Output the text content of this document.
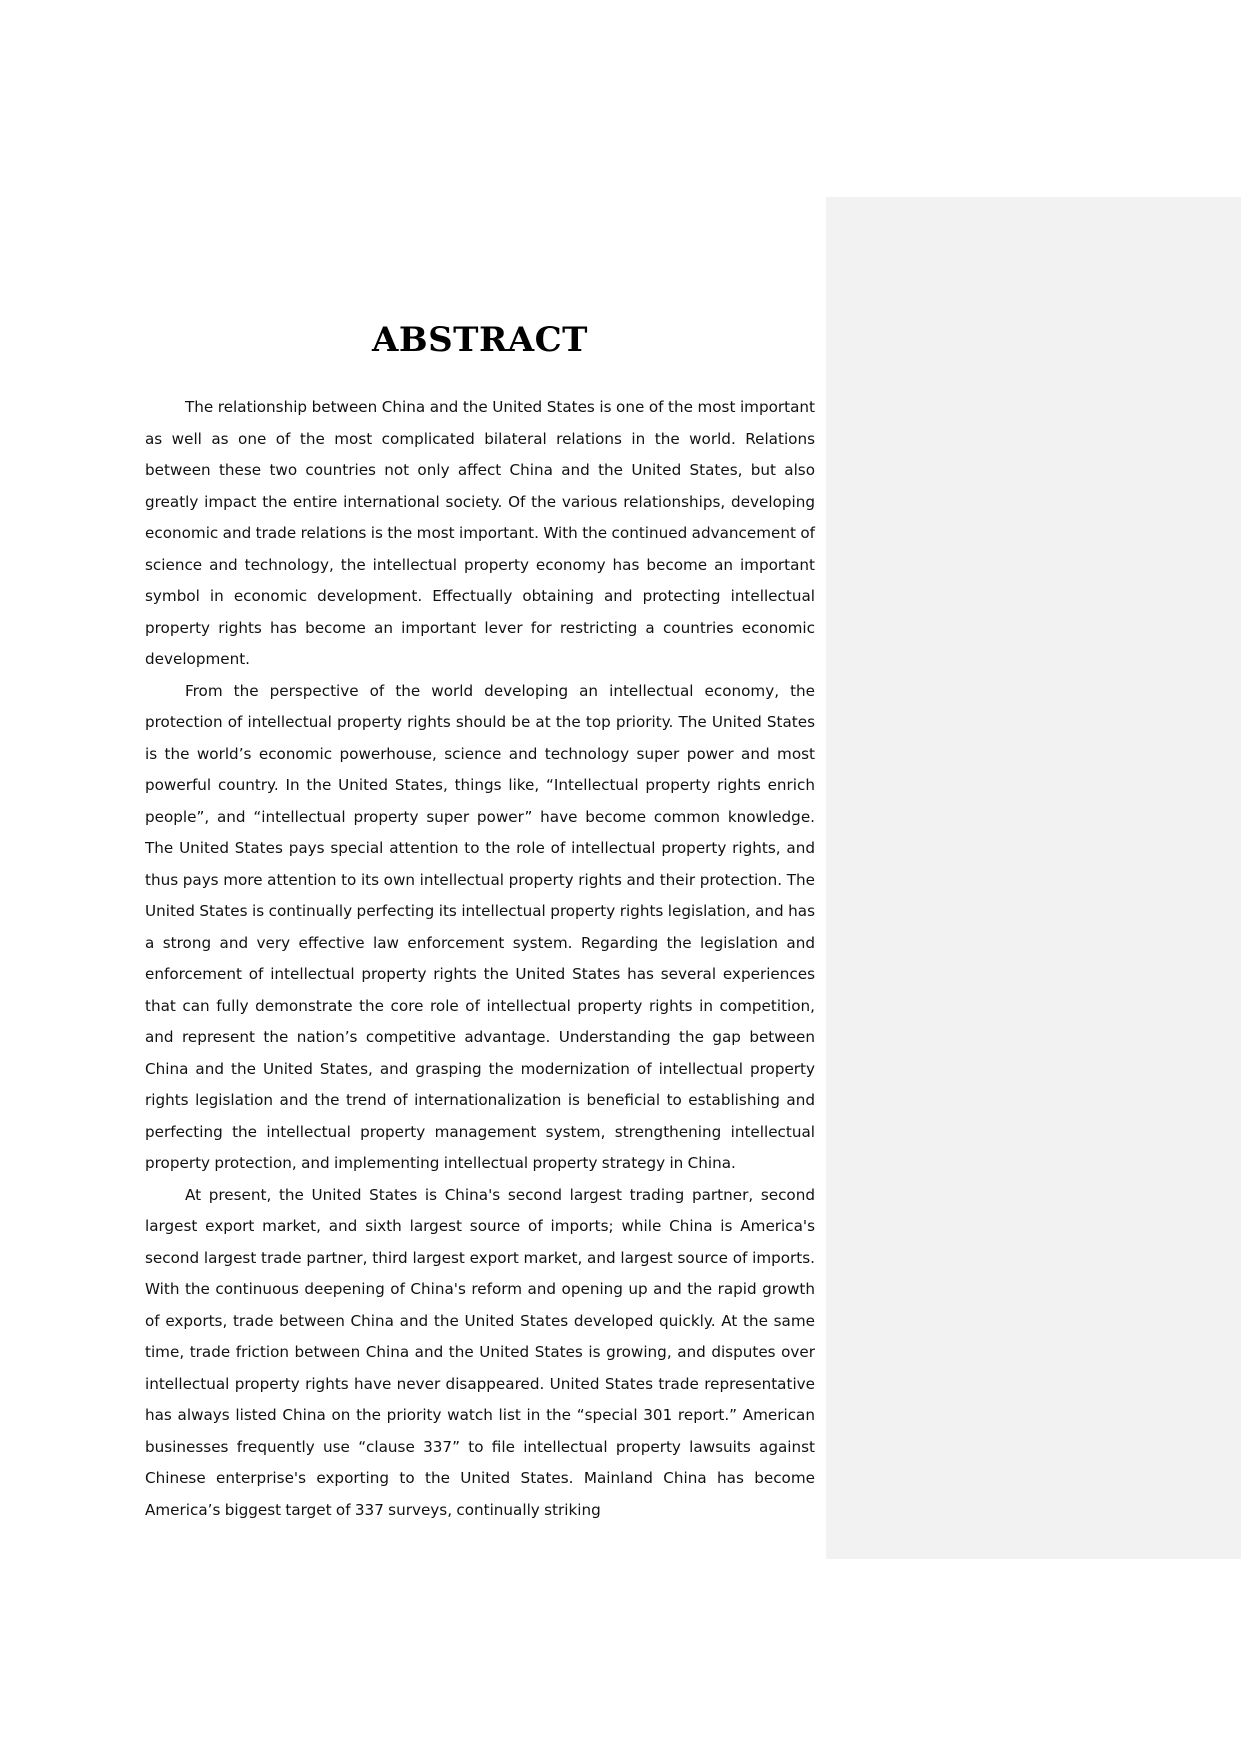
ABSTRACT

The relationship between China and the United States is one of the most important as well as one of the most complicated bilateral relations in the world. Relations between these two countries not only affect China and the United States, but also greatly impact the entire international society. Of the various relationships, developing economic and trade relations is the most important. With the continued advancement of science and technology, the intellectual property economy has become an important symbol in economic development. Effectually obtaining and protecting intellectual property rights has become an important lever for restricting a countries economic development.

From the perspective of the world developing an intellectual economy, the protection of intellectual property rights should be at the top priority. The United States is the world’s economic powerhouse, science and technology super power and most powerful country. In the United States, things like, “Intellectual property rights enrich people”, and “intellectual property super power” have become common knowledge. The United States pays special attention to the role of intellectual property rights, and thus pays more attention to its own intellectual property rights and their protection. The United States is continually perfecting its intellectual property rights legislation, and has a strong and very effective law enforcement system. Regarding the legislation and enforcement of intellectual property rights the United States has several experiences that can fully demonstrate the core role of intellectual property rights in competition, and represent the nation’s competitive advantage. Understanding the gap between China and the United States, and grasping the modernization of intellectual property rights legislation and the trend of internationalization is beneficial to establishing and perfecting the intellectual property management system, strengthening intellectual property protection, and implementing intellectual property strategy in China.

At present, the United States is China's second largest trading partner, second largest export market, and sixth largest source of imports; while China is America's second largest trade partner, third largest export market, and largest source of imports. With the continuous deepening of China's reform and opening up and the rapid growth of exports, trade between China and the United States developed quickly. At the same time, trade friction between China and the United States is growing, and disputes over intellectual property rights have never disappeared. United States trade representative has always listed China on the priority watch list in the “special 301 report.” American businesses frequently use “clause 337” to file intellectual property lawsuits against Chinese enterprise's exporting to the United States. Mainland China has become America’s biggest target of 337 surveys, continually striking
